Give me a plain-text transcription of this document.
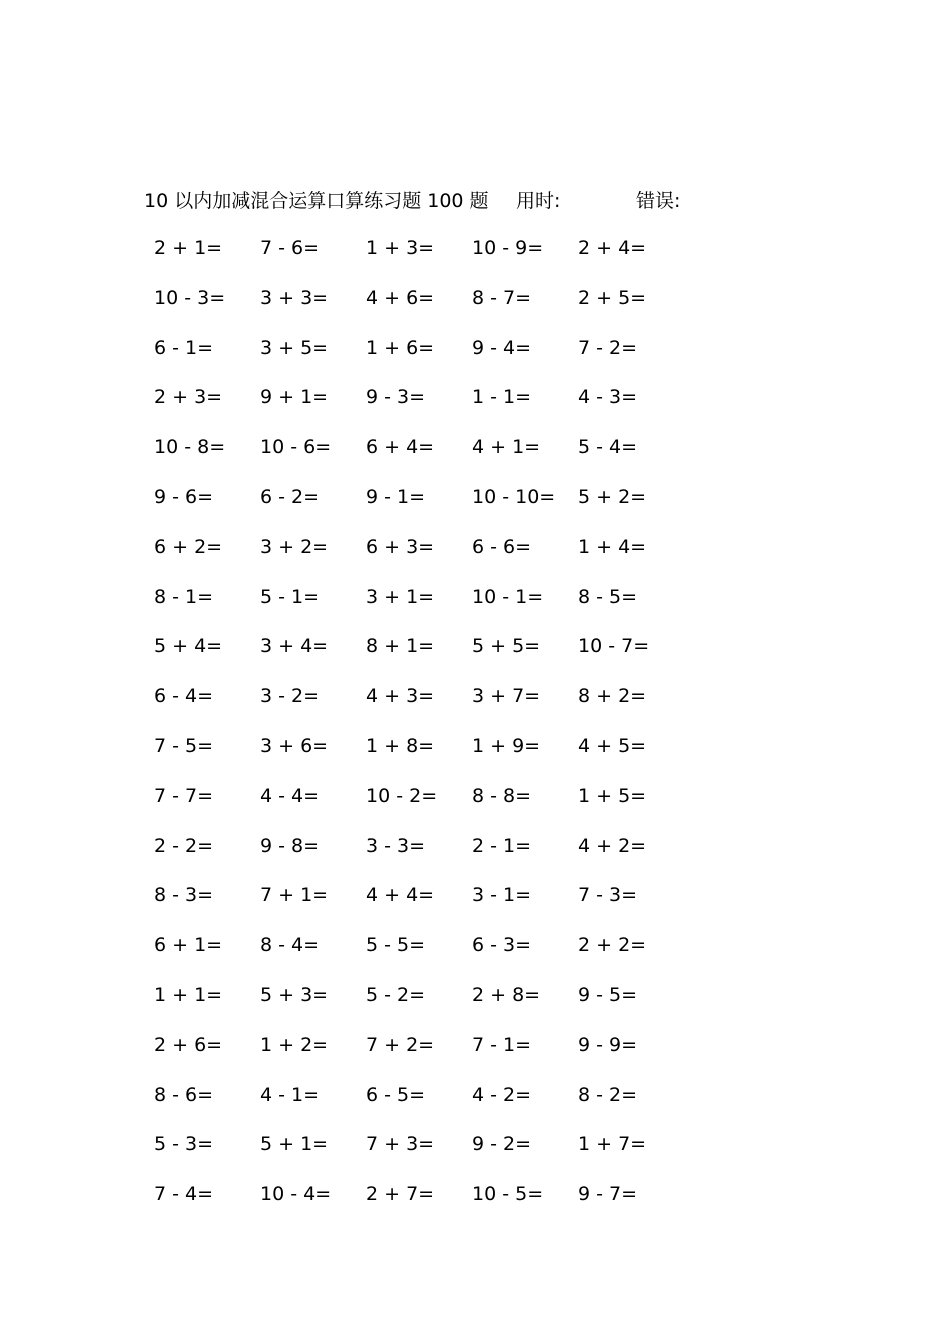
10 以内加减混合运算口算练习题 100 题 用时:	错误:
2 + 1= 7 - 6= 1 + 3= 10 - 9= 2 + 4=
10 - 3= 3 + 3= 4 + 6= 8 - 7= 2 + 5=
6 - 1= 3 + 5= 1 + 6= 9 - 4= 7 - 2=
2 + 3= 9 + 1= 9 - 3= 1 - 1= 4 - 3=
10 - 8= 10 - 6= 6 + 4= 4 + 1= 5 - 4=
9 - 6= 6 - 2= 9 - 1= 10 - 10= 5 + 2=
6 + 2= 3 + 2= 6 + 3= 6 - 6= 1 + 4=
8 - 1= 5 - 1= 3 + 1= 10 - 1= 8 - 5=
5 + 4= 3 + 4= 8 + 1= 5 + 5= 10 - 7=
6 - 4= 3 - 2= 4 + 3= 3 + 7= 8 + 2=
7 - 5= 3 + 6= 1 + 8= 1 + 9= 4 + 5=
7 - 7= 4 - 4= 10 - 2= 8 - 8= 1 + 5=
2 - 2= 9 - 8= 3 - 3= 2 - 1= 4 + 2=
8 - 3= 7 + 1= 4 + 4= 3 - 1= 7 - 3=
6 + 1= 8 - 4= 5 - 5= 6 - 3= 2 + 2=
1 + 1= 5 + 3= 5 - 2= 2 + 8= 9 - 5=
2 + 6= 1 + 2= 7 + 2= 7 - 1= 9 - 9=
8 - 6= 4 - 1= 6 - 5= 4 - 2= 8 - 2=
5 - 3= 5 + 1= 7 + 3= 9 - 2= 1 + 7=
7 - 4= 10 - 4= 2 + 7= 10 - 5= 9 - 7=
